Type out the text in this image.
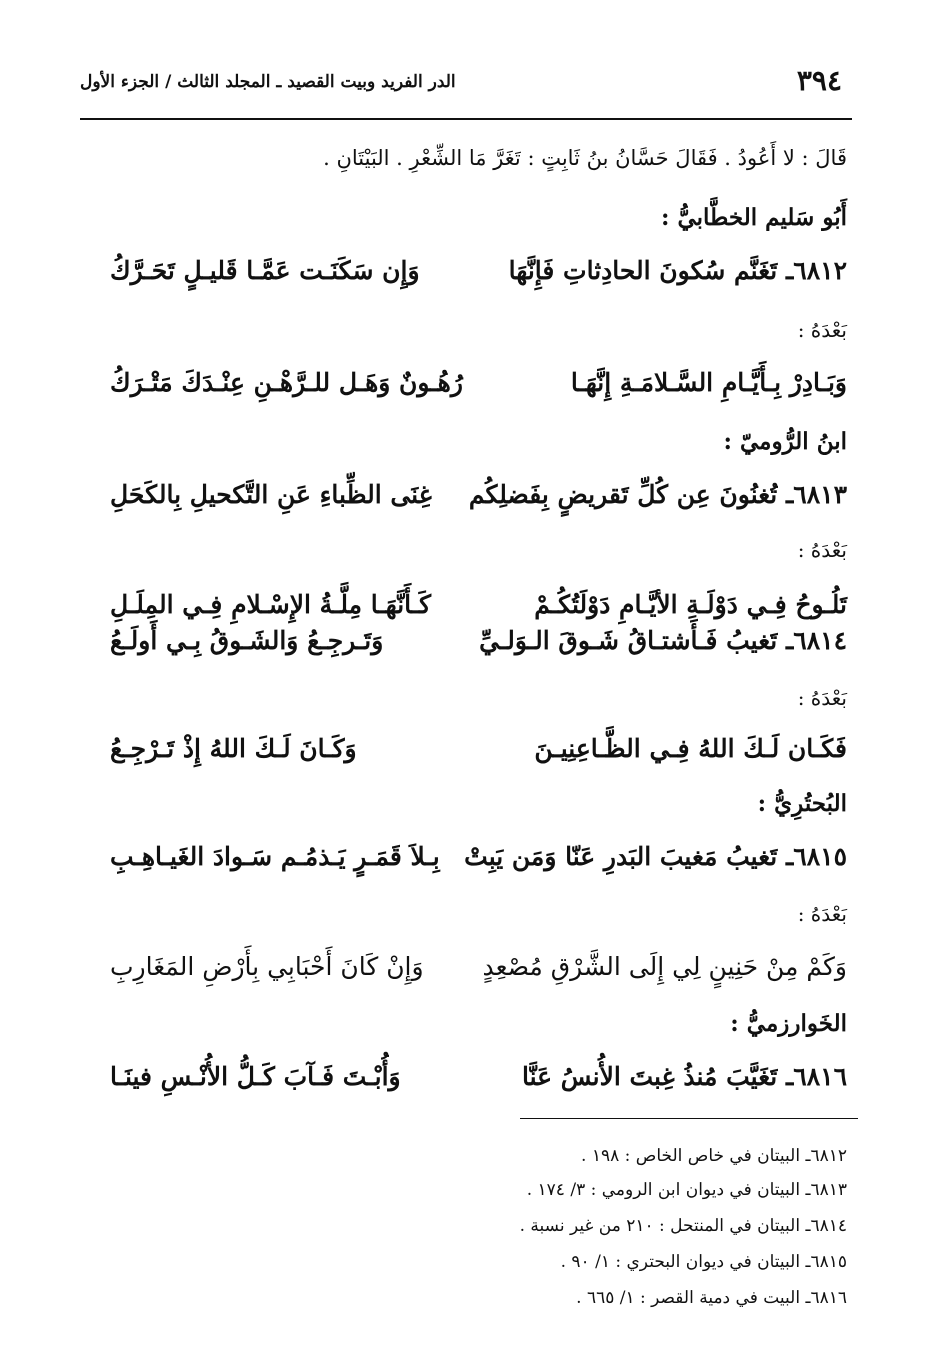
٣٩٤
الدر الفريد وبيت القصيد ـ المجلد الثالث / الجزء الأول
قَالَ : لا أَعُودُ . فَقَالَ حَسَّانُ بنُ ثَابِتٍ : تَغَرَّ مَا الشِّعْرِ . البَيْتَانِ .
أَبُو سَليم الخطَّابيُّ :
٦٨١٢ـ تَغَنَّم سُكونَ الحادِثاتِ فَإِنَّهَا
وَإِن سَكَنَـت عَمَّـا قَليـلٍ تَحَـرَّكُ
بَعْدَهُ :
وَبَـادِرْ بِـأَيَّـامِ السَّـلامَـةِ إِنَّهَـا
رُهُـونٌ وَهَـل للـرَّهْـنِ عِنْـدَكَ مَتْـرَكُ
ابنُ الرُّوميّ :
٦٨١٣ـ تُغنُونَ عِن كُلِّ تَقريضٍ بِفَضلِكُم
غِنَى الظِّباءِ عَنِ التَّكحيلِ بِالكَحَلِ
بَعْدَهُ :
تَلُـوحُ فِـي دَوْلَـةِ الأيَّـامِ دَوْلَتُكُـمْ
كَـأَنَّهَـا مِلَّـةُ الإِسْـلامِ فِـي المِلَـلِ
٦٨١٤ـ تَغيبُ فَـأَشتـاقُ شَـوقَ الـوَلـيِّ
وَتَـرجِـعُ وَالشَـوقُ بِـي أَولَـعُ
بَعْدَهُ :
فَكَـان لَـكَ اللهُ فِـي الظَّـاعِنِيـنَ
وَكَـانَ لَـكَ اللهُ إِذْ تَـرْجِـعُ
البُحتُرِيُّ :
٦٨١٥ـ تَغيبُ مَغيبَ البَدرِ عَنّا وَمَن يَبِتْ
بِـلاَ قَمَـرٍ يَـذمُـم سَـوادَ الغَيـاهِـبِ
بَعْدَهُ :
وَكَمْ مِنْ حَنِينٍ لِي إِلَى الشَّرْقِ مُصْعِدٍ
وَإِنْ كَانَ أَحْبَابِي بِأَرْضِ المَغَارِبِ
الخَوارزميُّ :
٦٨١٦ـ تَغَيَّبَ مُنذُ غِبتَ الأُنسُ عَنَّا
وَأُبْـتَ فَـآبَ كَـلُّ الأُنْـسِ فينَـا
٦٨١٢ـ البيتان في خاص الخاص : ١٩٨ .
٦٨١٣ـ البيتان في ديوان ابن الرومي : ٣/ ١٧٤ .
٦٨١٤ـ البيتان في المنتحل : ٢١٠ من غير نسبة .
٦٨١٥ـ البيتان في ديوان البحتري : ١/ ٩٠ .
٦٨١٦ـ البيت في دمية القصر : ١/ ٦٦٥ .
